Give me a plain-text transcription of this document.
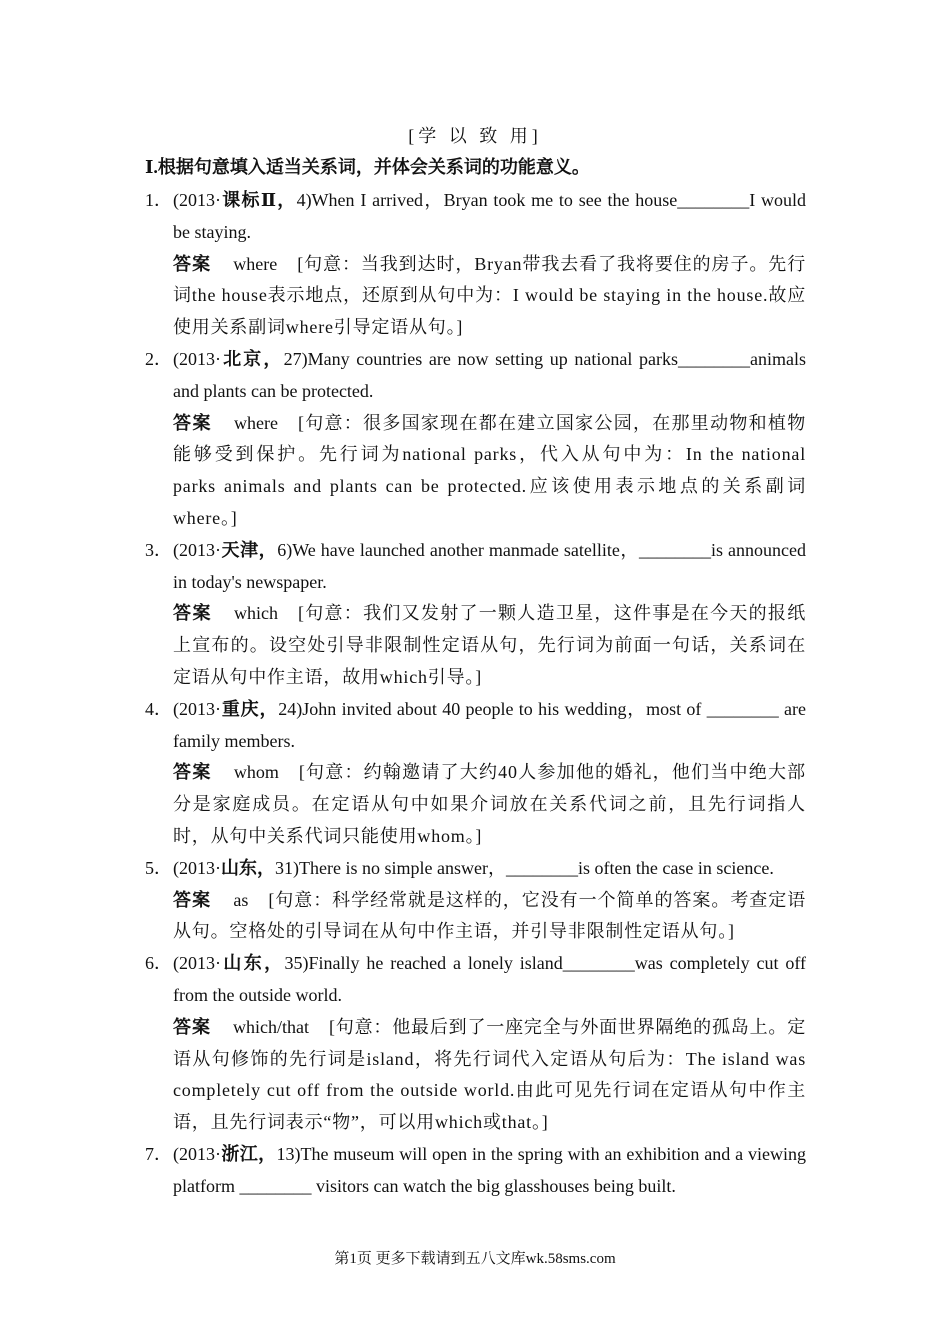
[学 以 致 用]
Ⅰ.根据句意填入适当关系词，并体会关系词的功能意义。
1． (2013·课标Ⅱ，4)When I arrived，Bryan took me to see the house________I would be staying.
答案 where [句意：当我到达时，Bryan带我去看了我将要住的房子。先行词the house表示地点，还原到从句中为：I would be staying in the house.故应使用关系副词where引导定语从句。]
2． (2013·北京，27)Many countries are now setting up national parks________animals and plants can be protected.
答案 where [句意：很多国家现在都在建立国家公园，在那里动物和植物能够受到保护。先行词为national parks，代入从句中为：In the national parks animals and plants can be protected.应该使用表示地点的关系副词where。]
3． (2013·天津，6)We have launched another manmade satellite，________is announced in today's newspaper.
答案 which [句意：我们又发射了一颗人造卫星，这件事是在今天的报纸上宣布的。设空处引导非限制性定语从句，先行词为前面一句话，关系词在定语从句中作主语，故用which引导。]
4． (2013·重庆，24)John invited about 40 people to his wedding，most of ________ are family members.
答案 whom [句意：约翰邀请了大约40人参加他的婚礼，他们当中绝大部分是家庭成员。在定语从句中如果介词放在关系代词之前，且先行词指人时，从句中关系代词只能使用whom。]
5． (2013·山东，31)There is no simple answer，________is often the case in science.
答案 as [句意：科学经常就是这样的，它没有一个简单的答案。考查定语从句。空格处的引导词在从句中作主语，并引导非限制性定语从句。]
6． (2013·山东，35)Finally he reached a lonely island________was completely cut off from the outside world.
答案 which/that [句意：他最后到了一座完全与外面世界隔绝的孤岛上。定语从句修饰的先行词是island，将先行词代入定语从句后为：The island was completely cut off from the outside world.由此可见先行词在定语从句中作主语，且先行词表示“物”，可以用which或that。]
7． (2013·浙江，13)The museum will open in the spring with an exhibition and a viewing platform ________ visitors can watch the big glasshouses being built.
第1页 更多下载请到五八文库wk.58sms.com
